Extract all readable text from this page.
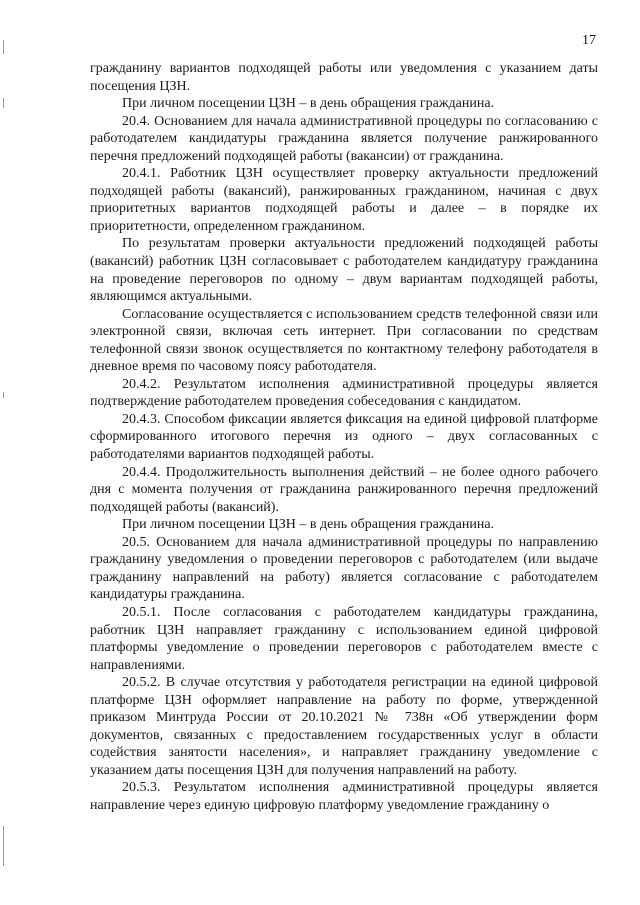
17

гражданину вариантов подходящей работы или уведомления с указанием даты посещения ЦЗН.

При личном посещении ЦЗН – в день обращения гражданина.

20.4. Основанием для начала административной процедуры по согласованию с работодателем кандидатуры гражданина является получение ранжированного перечня предложений подходящей работы (вакансии) от гражданина.

20.4.1. Работник ЦЗН осуществляет проверку актуальности предложений подходящей работы (вакансий), ранжированных гражданином, начиная с двух приоритетных вариантов подходящей работы и далее – в порядке их приоритетности, определенном гражданином.

По результатам проверки актуальности предложений подходящей работы (вакансий) работник ЦЗН согласовывает с работодателем кандидатуру гражданина на проведение переговоров по одному – двум вариантам подходящей работы, являющимся актуальными.

Согласование осуществляется с использованием средств телефонной связи или электронной связи, включая сеть интернет. При согласовании по средствам телефонной связи звонок осуществляется по контактному телефону работодателя в дневное время по часовому поясу работодателя.

20.4.2. Результатом исполнения административной процедуры является подтверждение работодателем проведения собеседования с кандидатом.

20.4.3. Способом фиксации является фиксация на единой цифровой платформе сформированного итогового перечня из одного – двух согласованных с работодателями вариантов подходящей работы.

20.4.4. Продолжительность выполнения действий – не более одного рабочего дня с момента получения от гражданина ранжированного перечня предложений подходящей работы (вакансий).

При личном посещении ЦЗН – в день обращения гражданина.

20.5. Основанием для начала административной процедуры по направлению гражданину уведомления о проведении переговоров с работодателем (или выдаче гражданину направлений на работу) является согласование с работодателем кандидатуры гражданина.

20.5.1. После согласования с работодателем кандидатуры гражданина, работник ЦЗН направляет гражданину с использованием единой цифровой платформы уведомление о проведении переговоров с работодателем вместе с направлениями.

20.5.2. В случае отсутствия у работодателя регистрации на единой цифровой платформе ЦЗН оформляет направление на работу по форме, утвержденной приказом Минтруда России от 20.10.2021 № 738н «Об утверждении форм документов, связанных с предоставлением государственных услуг в области содействия занятости населения», и направляет гражданину уведомление с указанием даты посещения ЦЗН для получения направлений на работу.

20.5.3. Результатом исполнения административной процедуры является направление через единую цифровую платформу уведомление гражданину о
